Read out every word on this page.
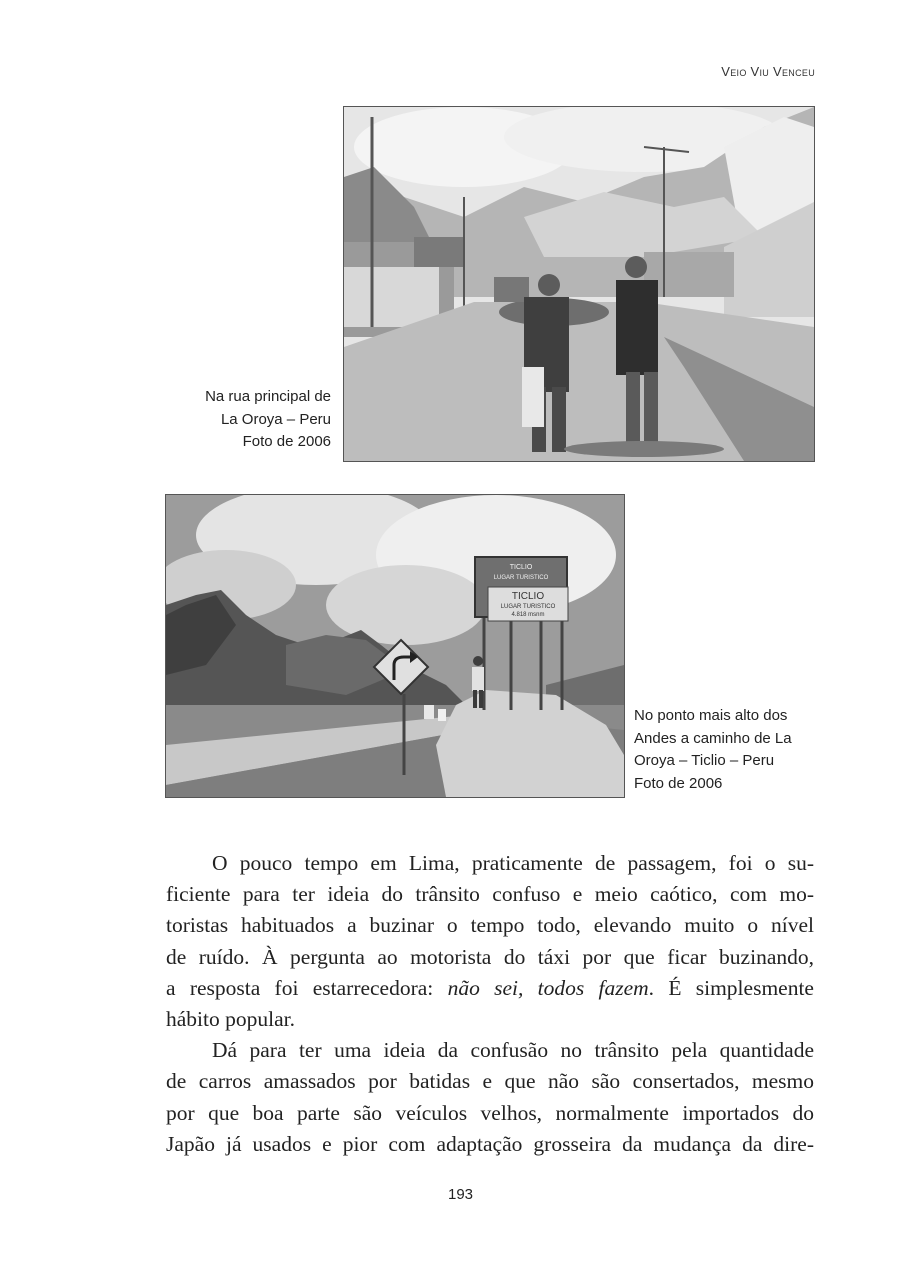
Veio Viu Venceu
Na rua principal de
La Oroya – Peru
Foto de 2006
TICLIO
LUGAR TURISTICO
TICLIO
LUGAR TURISTICO
4.818 msnm
No ponto mais alto dos
Andes a caminho de La
Oroya – Ticlio – Peru
Foto de 2006
O pouco tempo em Lima, praticamente de passagem, foi o su-
ficiente para ter ideia do trânsito confuso e meio caótico, com mo-
toristas habituados a buzinar o tempo todo, elevando muito o nível
de ruído. À pergunta ao motorista do táxi por que ficar buzinando,
a resposta foi estarrecedora: não sei, todos fazem. É simplesmente
hábito popular.
Dá para ter uma ideia da confusão no trânsito pela quantidade
de carros amassados por batidas e que não são consertados, mesmo
por que boa parte são veículos velhos, normalmente importados do
Japão já usados e pior com adaptação grosseira da mudança da dire-
193
